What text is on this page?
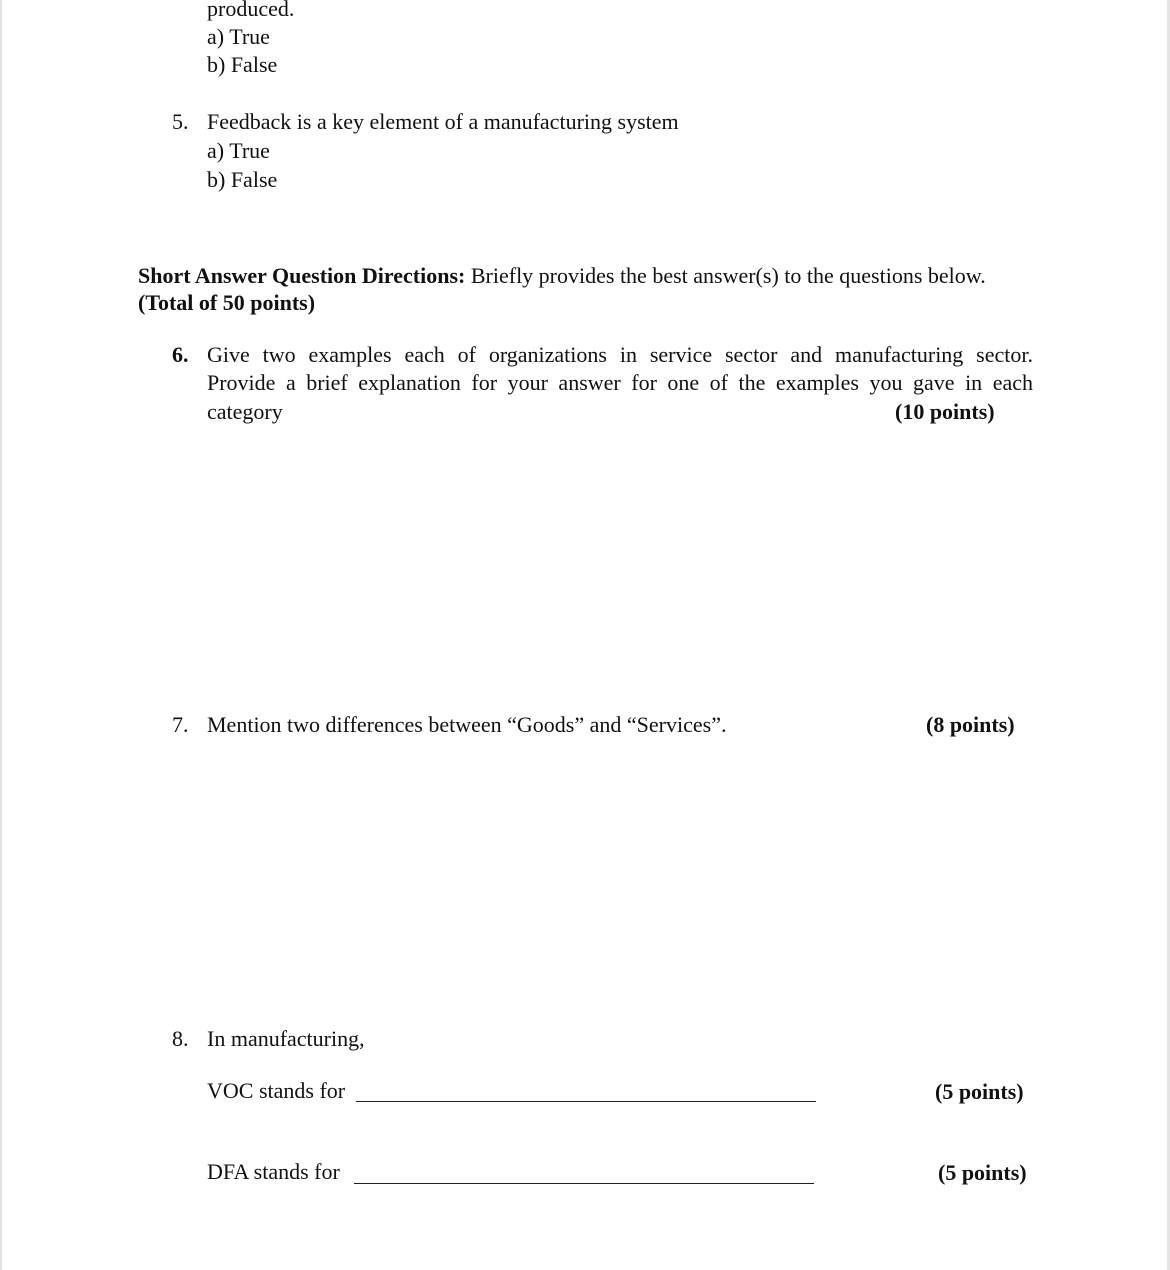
produced.
a) True
b) False
5. Feedback is a key element of a manufacturing system
a) True
b) False
Short Answer Question Directions: Briefly provides the best answer(s) to the questions below.
(Total of 50 points)
6. Give two examples each of organizations in service sector and manufacturing sector.
Provide a brief explanation for your answer for one of the examples you gave in each
category	(10 points)
7. Mention two differences between “Goods” and “Services”.	(8 points)
8. In manufacturing,
VOC stands for	(5 points)
DFA stands for	(5 points)
